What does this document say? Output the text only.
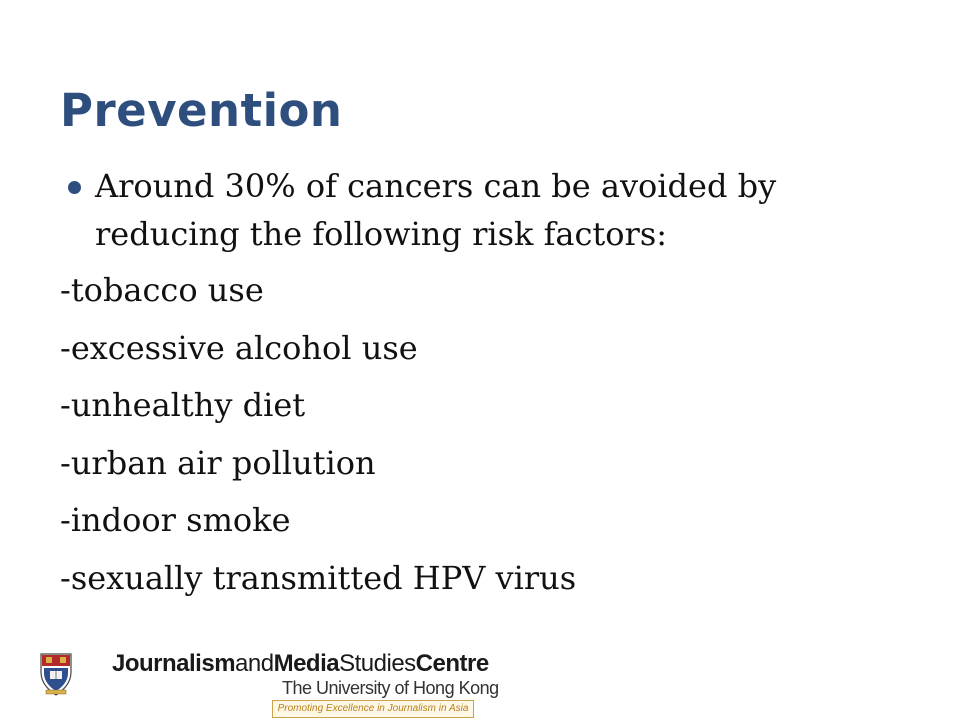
Prevention

Around 30% of cancers can be avoided by reducing the following risk factors:

-tobacco use
-excessive alcohol use
-unhealthy diet
-urban air pollution
-indoor smoke
-sexually transmitted HPV virus
JournalismandMediaStudiesCentre
The University of Hong Kong
Promoting Excellence in Journalism in Asia
